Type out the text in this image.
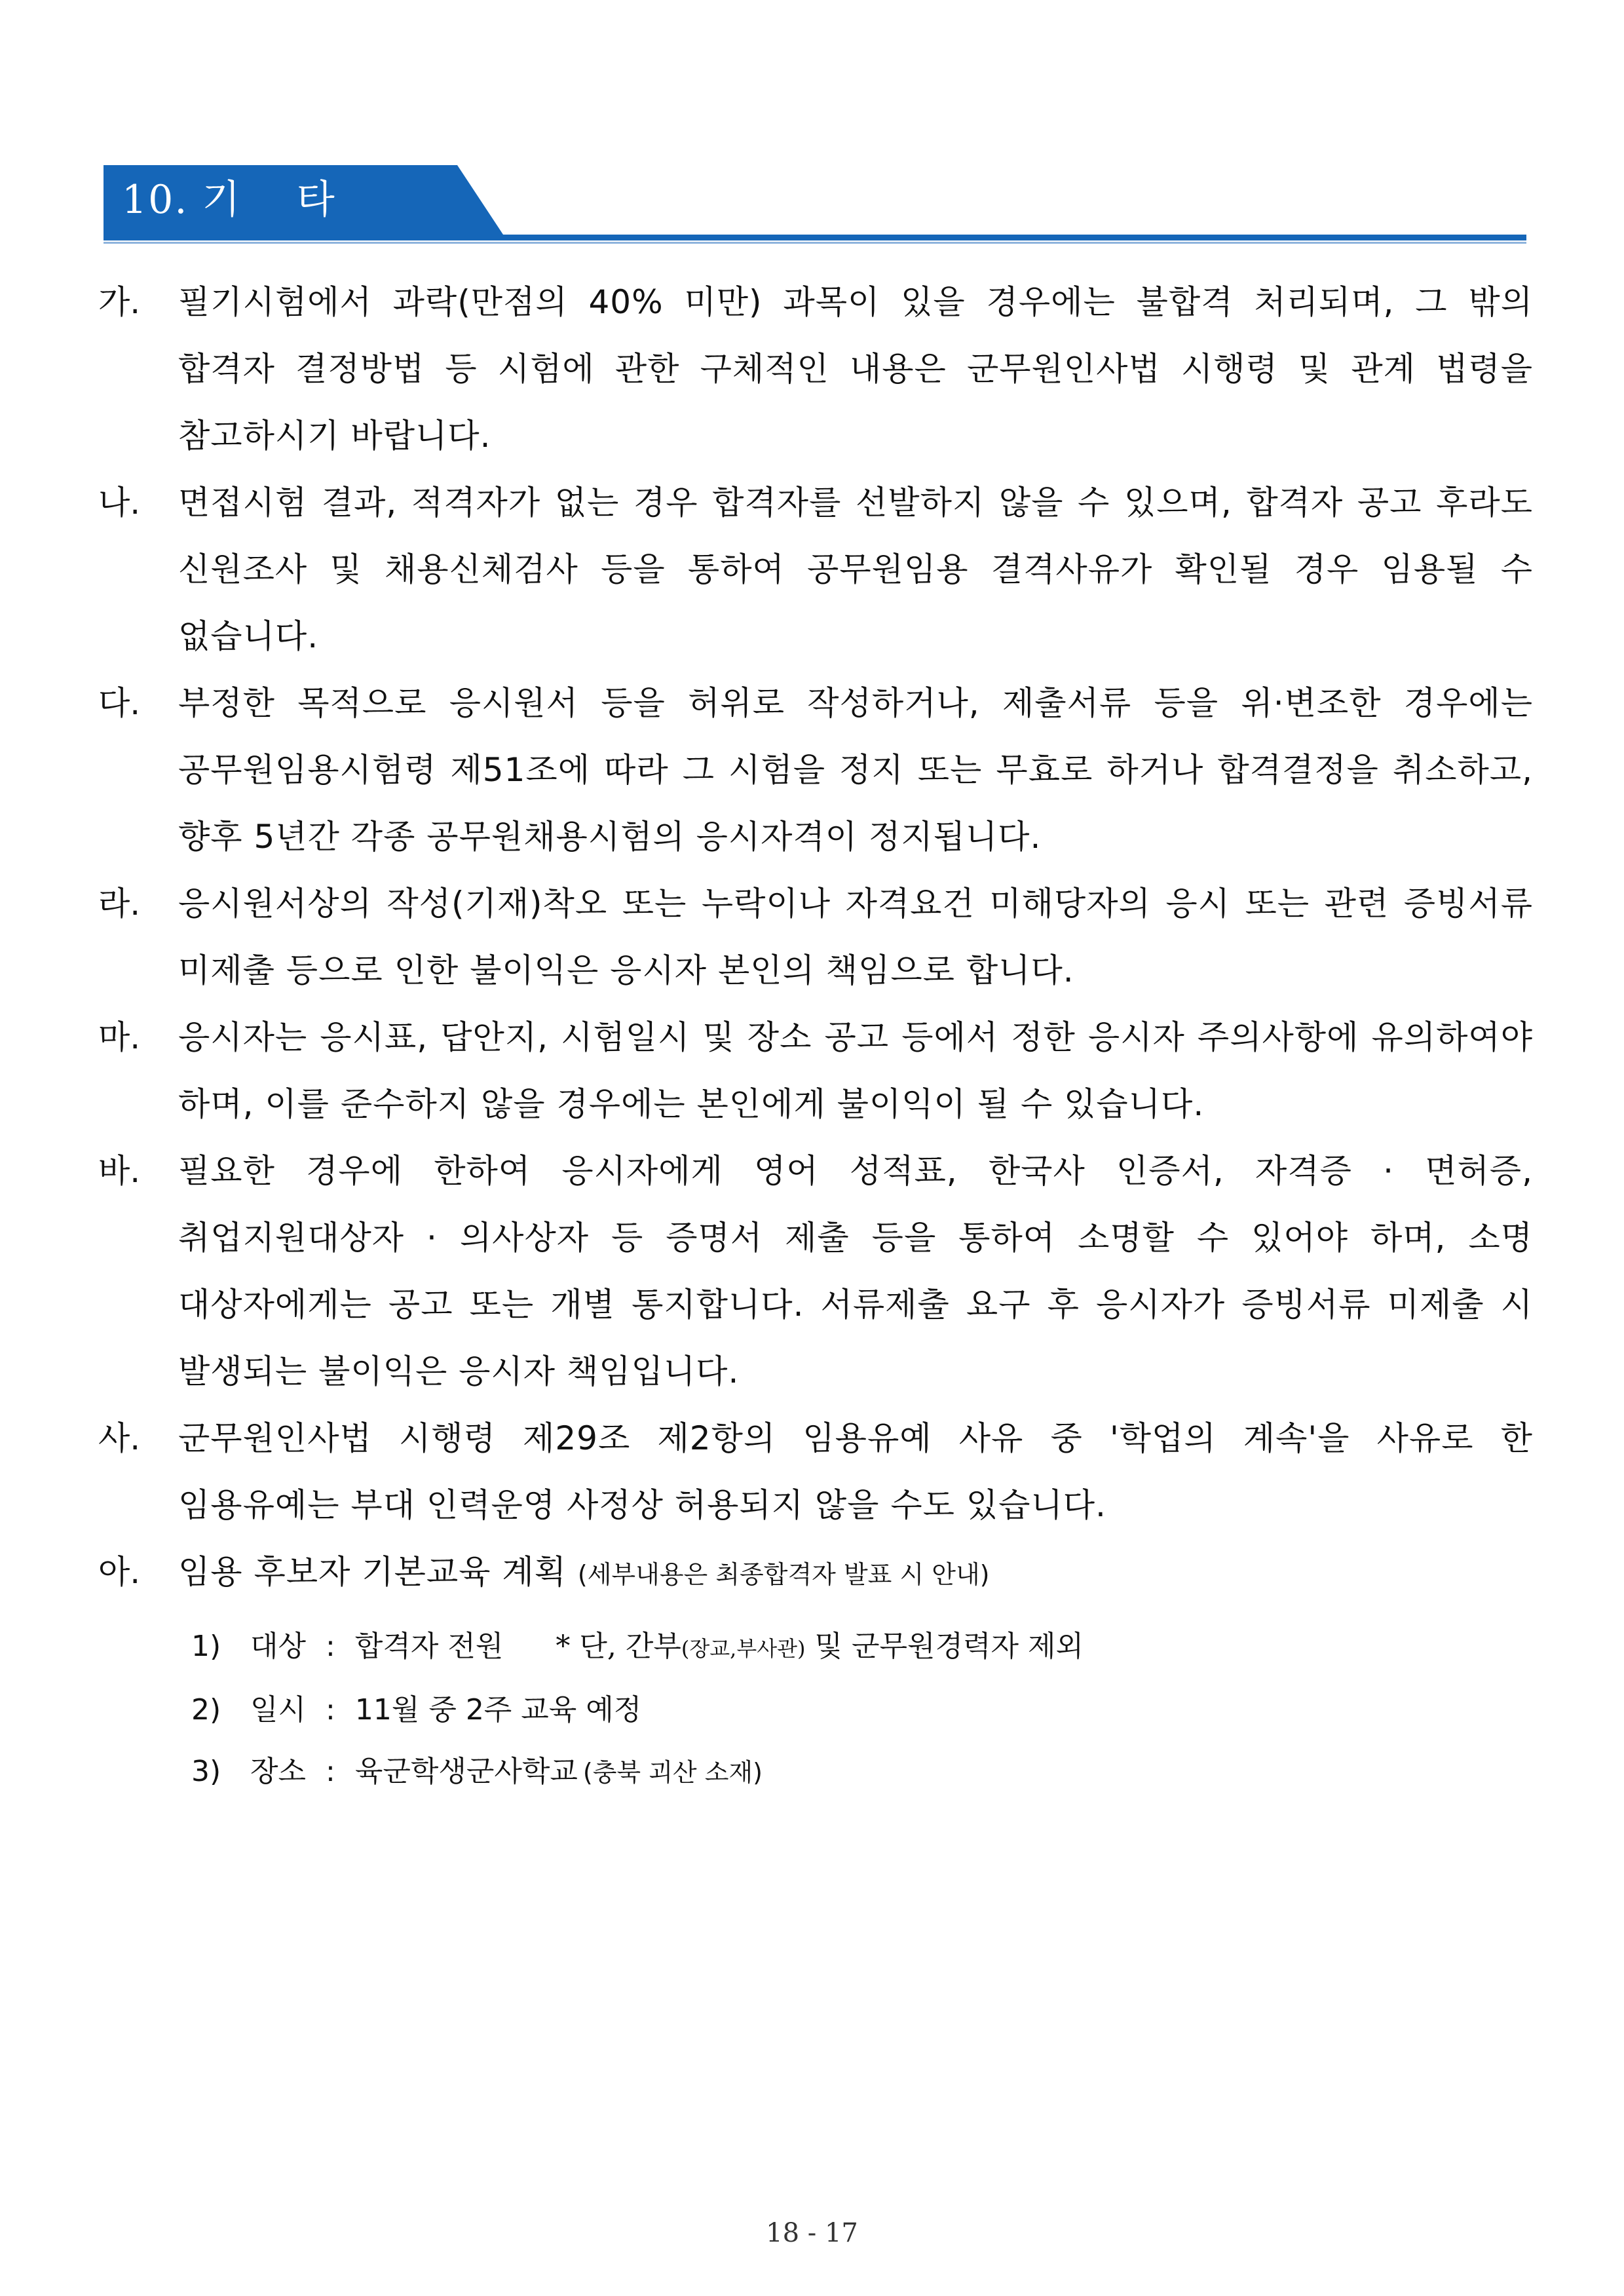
10. 기    타
가.	필기시험에서 과락(만점의 40% 미만) 과목이 있을 경우에는 불합격 처리되며, 그 밖의 합격자 결정방법 등 시험에 관한 구체적인 내용은 군무원인사법 시행령 및 관계 법령을 참고하시기 바랍니다.
나.	면접시험 결과, 적격자가 없는 경우 합격자를 선발하지 않을 수 있으며, 합격자 공고 후라도 신원조사 및 채용신체검사 등을 통하여 공무원임용 결격사유가 확인될 경우 임용될 수 없습니다.
다.	부정한 목적으로 응시원서 등을 허위로 작성하거나, 제출서류 등을 위·변조한 경우에는 공무원임용시험령 제51조에 따라 그 시험을 정지 또는 무효로 하거나 합격결정을 취소하고, 향후 5년간 각종 공무원채용시험의 응시자격이 정지됩니다.
라.	응시원서상의 작성(기재)착오 또는 누락이나 자격요건 미해당자의 응시 또는 관련 증빙서류 미제출 등으로 인한 불이익은 응시자 본인의 책임으로 합니다.
마.	응시자는 응시표, 답안지, 시험일시 및 장소 공고 등에서 정한 응시자 주의사항에 유의하여야 하며, 이를 준수하지 않을 경우에는 본인에게 불이익이 될 수 있습니다.
바.	필요한 경우에 한하여 응시자에게 영어 성적표, 한국사 인증서, 자격증 · 면허증, 취업지원대상자 · 의사상자 등 증명서 제출 등을 통하여 소명할 수 있어야 하며, 소명 대상자에게는 공고 또는 개별 통지합니다. 서류제출 요구 후 응시자가 증빙서류 미제출 시 발생되는 불이익은 응시자 책임입니다.
사.	군무원인사법 시행령 제29조 제2항의 임용유예 사유 중 '학업의 계속'을 사유로 한 임용유예는 부대 인력운영 사정상 허용되지 않을 수도 있습니다.
아.	임용 후보자 기본교육 계획 (세부내용은 최종합격자 발표 시 안내)
1)	대상 : 합격자 전원 * 단, 간부(장교,부사관) 및 군무원경력자 제외
2)	일시 : 11월 중 2주 교육 예정
3)	장소 : 육군학생군사학교 (충북 괴산 소재)
18 - 17
